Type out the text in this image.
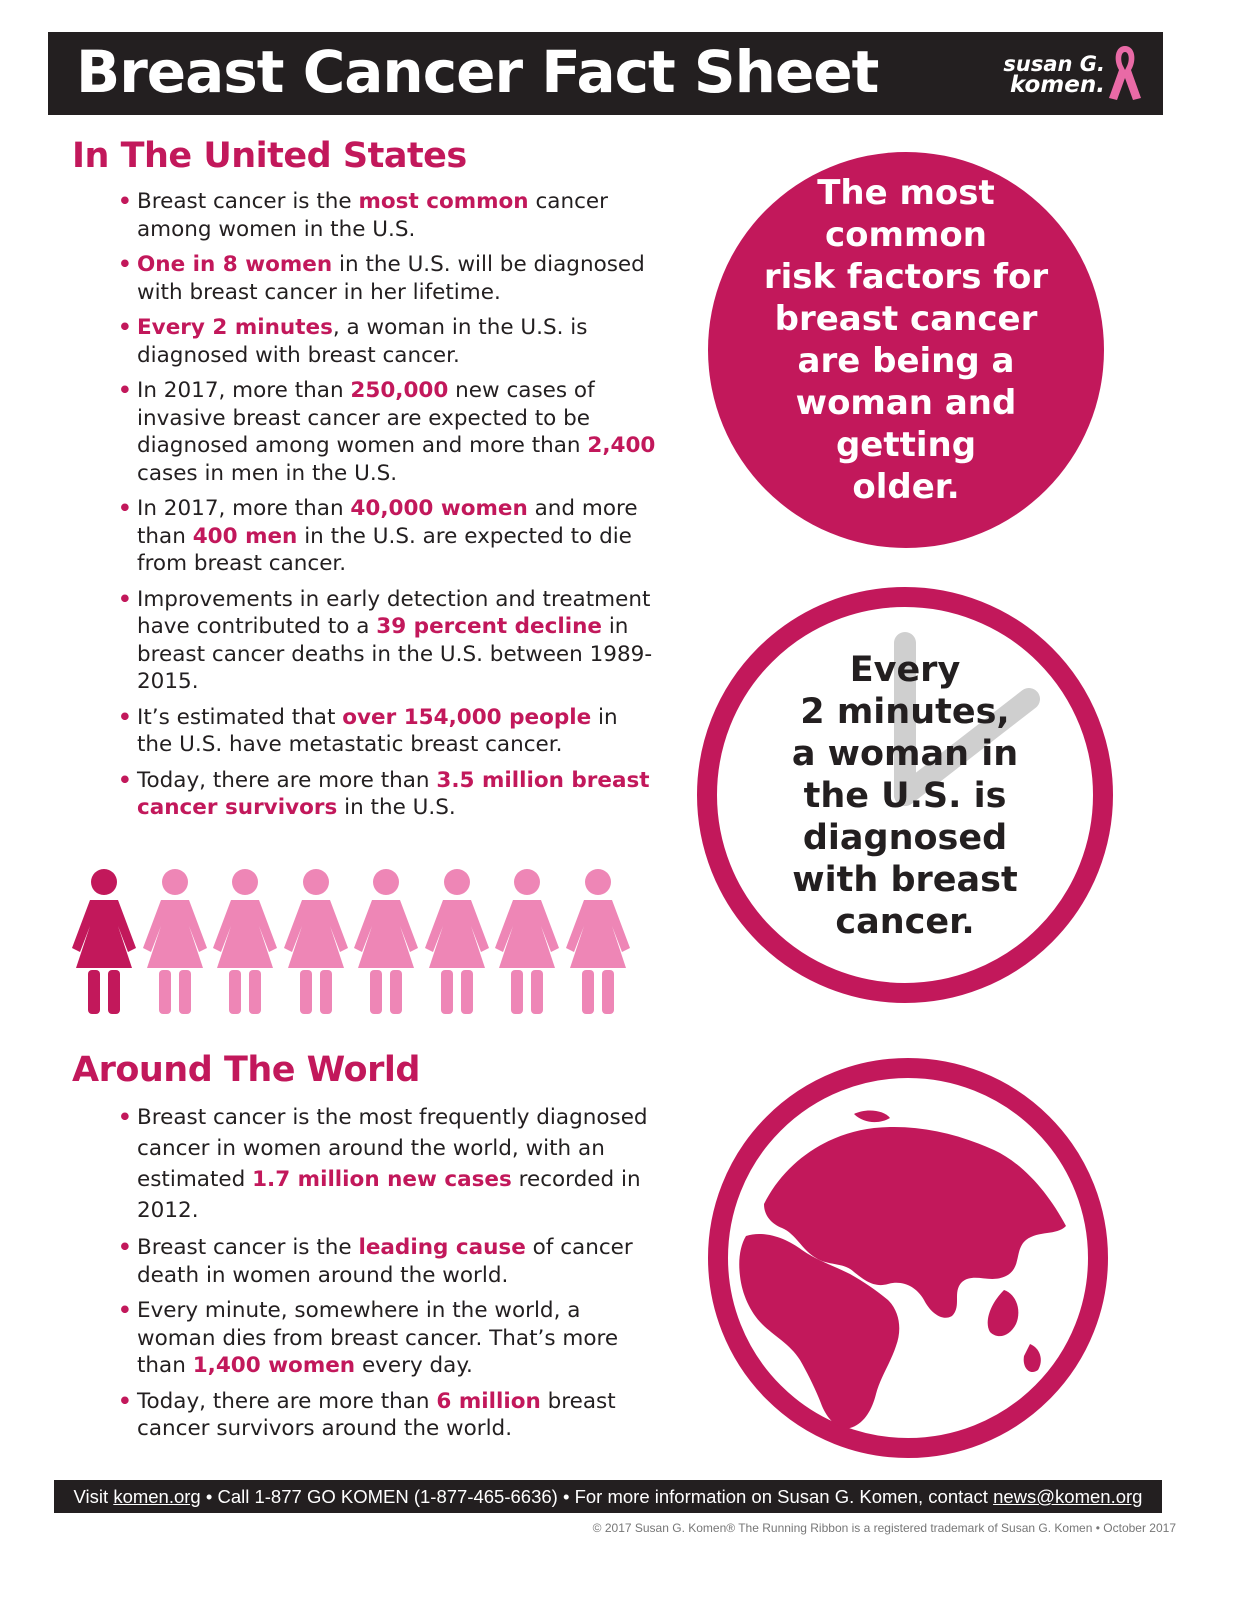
Breast Cancer Fact Sheet	susan G.
komen.
In The United States
• Breast cancer is the most common cancer among women in the U.S.
• One in 8 women in the U.S. will be diagnosed with breast cancer in her lifetime.
• Every 2 minutes, a woman in the U.S. is diagnosed with breast cancer.
• In 2017, more than 250,000 new cases of invasive breast cancer are expected to be diagnosed among women and more than 2,400 cases in men in the U.S.
• In 2017, more than 40,000 women and more than 400 men in the U.S. are expected to die from breast cancer.
• Improvements in early detection and treatment have contributed to a 39 percent decline in breast cancer deaths in the U.S. between 1989-2015.
• It’s estimated that over 154,000 people in the U.S. have metastatic breast cancer.
• Today, there are more than 3.5 million breast cancer survivors in the U.S.
The most
common
risk factors for
breast cancer
are being a
woman and
getting
older.
Every
2 minutes,
a woman in
the U.S. is
diagnosed
with breast
cancer.
Around The World
• Breast cancer is the most frequently diagnosed cancer in women around the world, with an estimated 1.7 million new cases recorded in 2012.
• Breast cancer is the leading cause of cancer death in women around the world.
• Every minute, somewhere in the world, a woman dies from breast cancer. That’s more than 1,400 women every day.
• Today, there are more than 6 million breast cancer survivors around the world.
Visit komen.org • Call 1-877 GO KOMEN (1-877-465-6636) • For more information on Susan G. Komen, contact news@komen.org
© 2017 Susan G. Komen® The Running Ribbon is a registered trademark of Susan G. Komen • October 2017
